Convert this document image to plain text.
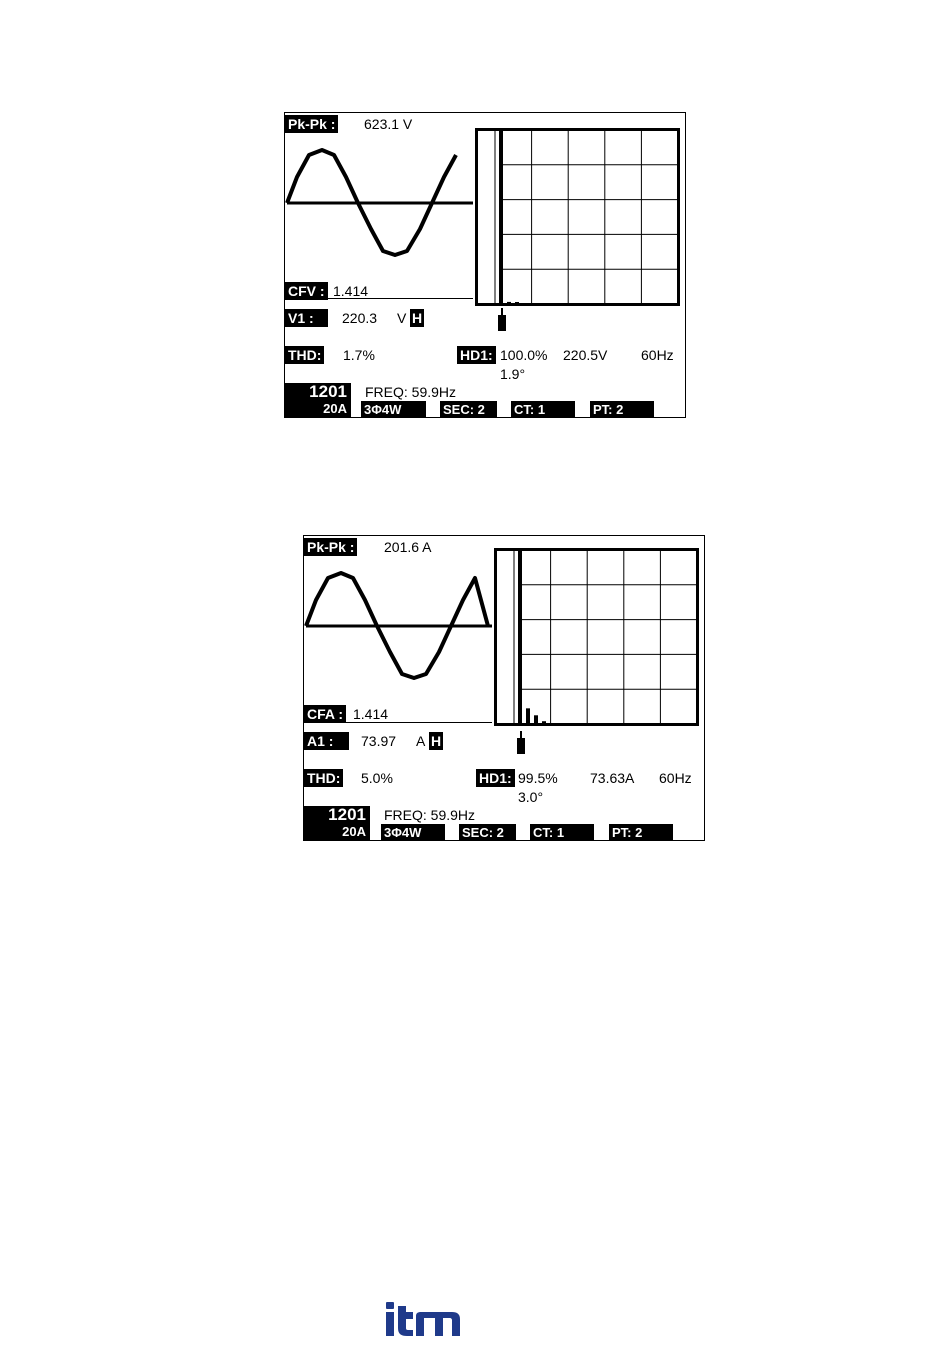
Pk-Pk : 623.1 V
CFV : 1.414
V1 :	220.3 V H
THD: 1.7%	HD1: 100.0% 220.5V 60Hz
1.9°
1201
20A
FREQ: 59.9Hz
3Φ4W	SEC: 2	CT: 1	PT: 2
Pk-Pk : 201.6 A
CFA : 1.414
A1 :	73.97 A H
THD: 5.0%	HD1: 99.5% 73.63A 60Hz
3.0°
1201
20A
FREQ: 59.9Hz
3Φ4W	SEC: 2	CT: 1	PT: 2
